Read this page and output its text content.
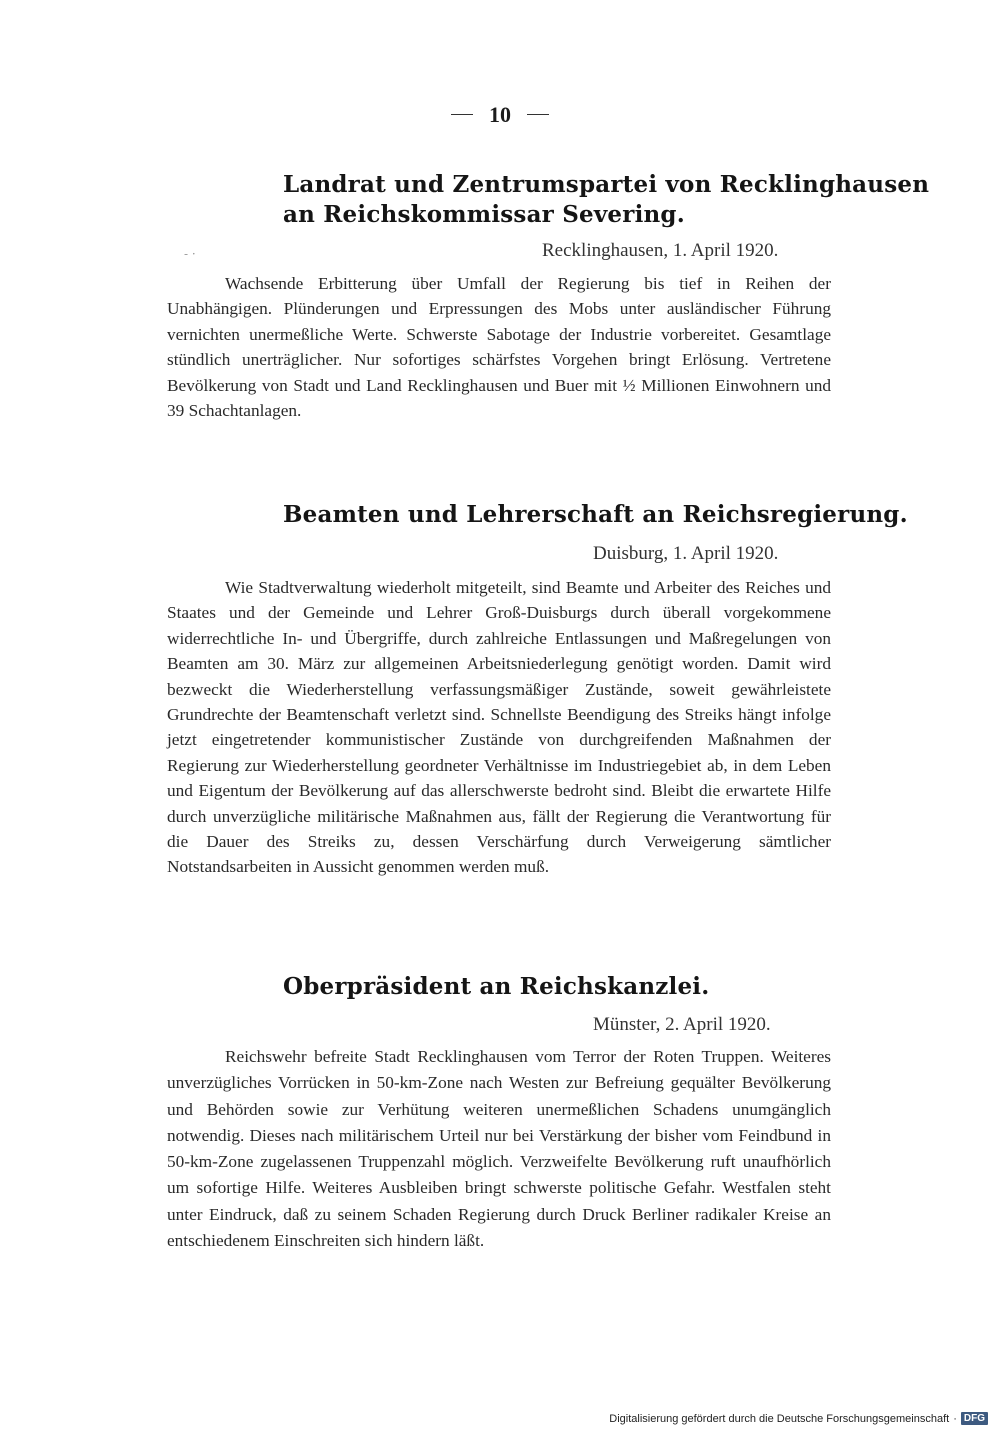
10
Landrat und Zentrumspartei von Recklinghausen
an Reichskommissar Severing.
‐ ·	Recklinghausen, 1. April 1920.

Wachsende Erbitterung über Umfall der Regierung bis tief in Reihen der Unabhängigen. Plünderungen und Erpressungen des Mobs unter ausländischer Führung vernichten unermeßliche Werte. Schwerste Sabotage der Industrie vorbereitet. Gesamtlage stündlich unerträglicher. Nur sofortiges schärfstes Vorgehen bringt Erlösung. Vertretene Bevölkerung von Stadt und Land Recklinghausen und Buer mit ½ Millionen Einwohnern und 39 Schachtanlagen.

Beamten und Lehrerschaft an Reichsregierung.
Duisburg, 1. April 1920.

Wie Stadtverwaltung wiederholt mitgeteilt, sind Beamte und Arbeiter des Reiches und Staates und der Gemeinde und Lehrer Groß-Duisburgs durch überall vorgekommene widerrechtliche In- und Übergriffe, durch zahlreiche Entlassungen und Maßregelungen von Beamten am 30. März zur allgemeinen Arbeitsniederlegung genötigt worden. Damit wird bezweckt die Wiederherstellung verfassungsmäßiger Zustände, soweit gewährleistete Grundrechte der Beamtenschaft verletzt sind. Schnellste Beendigung des Streiks hängt infolge jetzt eingetretender kommunistischer Zustände von durchgreifenden Maßnahmen der Regierung zur Wiederherstellung geordneter Verhältnisse im Industriegebiet ab, in dem Leben und Eigentum der Bevölkerung auf das allerschwerste bedroht sind. Bleibt die erwartete Hilfe durch unverzügliche militärische Maßnahmen aus, fällt der Regierung die Verantwortung für die Dauer des Streiks zu, dessen Verschärfung durch Verweigerung sämtlicher Notstandsarbeiten in Aussicht genommen werden muß.

Oberpräsident an Reichskanzlei.
Münster, 2. April 1920.

Reichswehr befreite Stadt Recklinghausen vom Terror der Roten Truppen. Weiteres unverzügliches Vorrücken in 50-km-Zone nach Westen zur Befreiung gequälter Bevölkerung und Behörden sowie zur Verhütung weiteren unermeßlichen Schadens unumgänglich notwendig. Dieses nach militärischem Urteil nur bei Verstärkung der bisher vom Feindbund in 50-km-Zone zugelassenen Truppenzahl möglich. Verzweifelte Bevölkerung ruft unaufhörlich um sofortige Hilfe. Weiteres Ausbleiben bringt schwerste politische Gefahr. Westfalen steht unter Eindruck, daß zu seinem Schaden Regierung durch Druck Berliner radikaler Kreise an entschiedenem Einschreiten sich hindern läßt.

Digitalisierung gefördert durch die Deutsche Forschungsgemeinschaft · DFG
